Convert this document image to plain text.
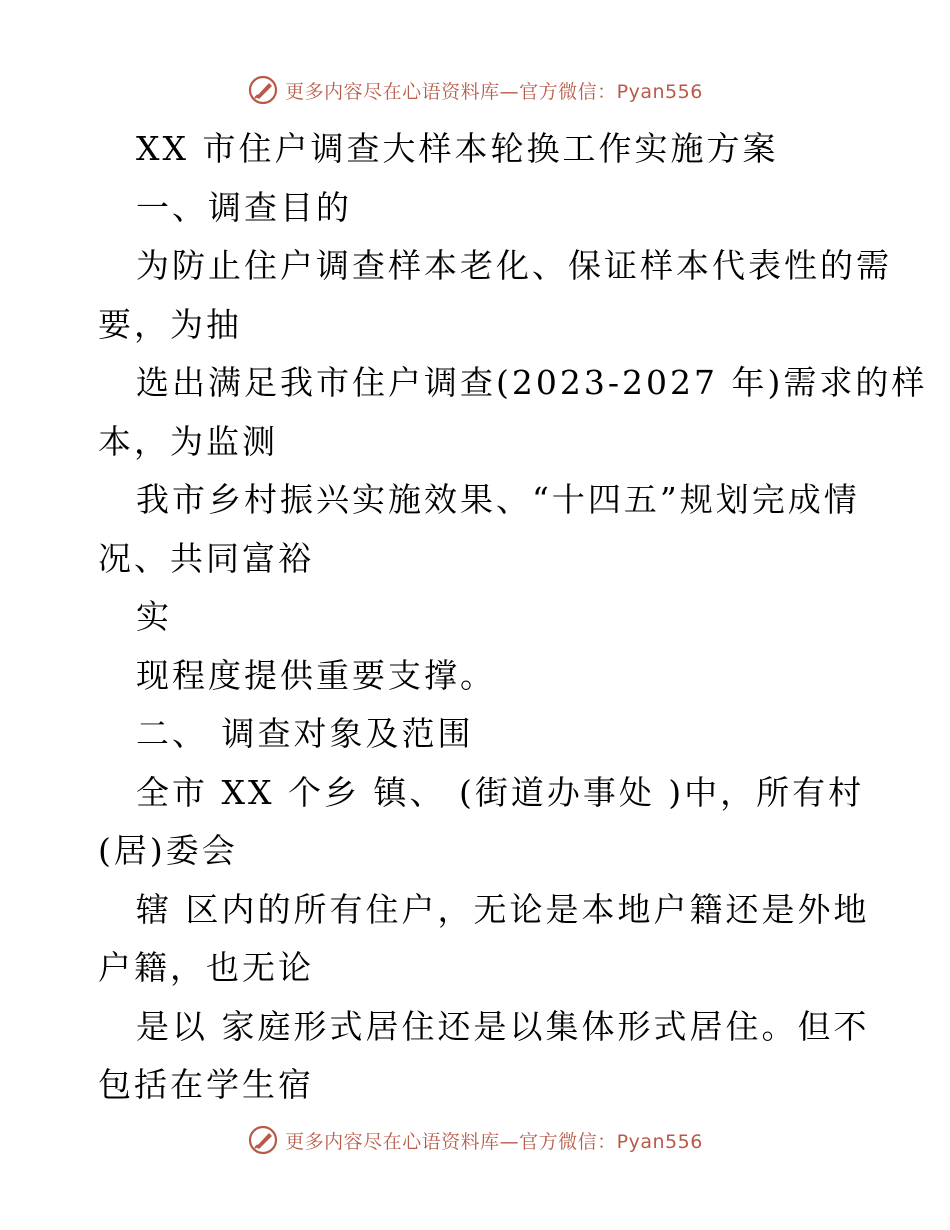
更多内容尽在心语资料库—官方微信：Pyan556
XX 市住户调查大样本轮换工作实施方案
一、调查目的
为防止住户调查样本老化、保证样本代表性的需
要，为抽
选出满足我市住户调查(2023-2027 年)需求的样
本，为监测
我市乡村振兴实施效果、“十四五”规划完成情
况、共同富裕
实
现程度提供重要支撑。
二、 调查对象及范围
全市 XX 个乡 镇、 (街道办事处 )中，所有村
(居)委会
辖 区内的所有住户，无论是本地户籍还是外地
户籍，也无论
是以 家庭形式居住还是以集体形式居住。但不
包括在学生宿
更多内容尽在心语资料库—官方微信：Pyan556
